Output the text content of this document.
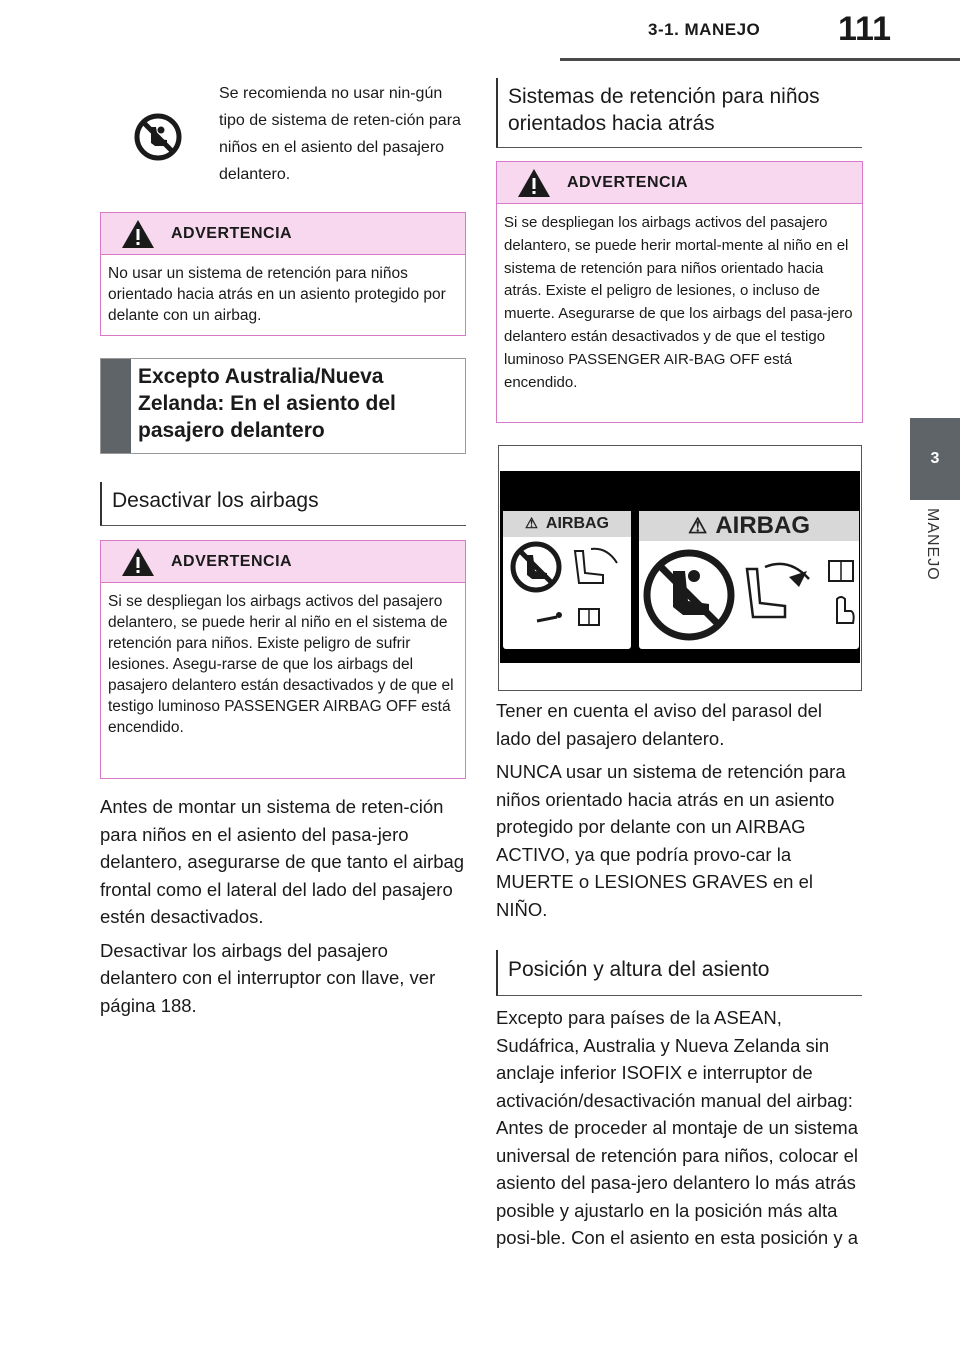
3-1. MANEJO 111
3
MANEJO
Se recomienda no usar nin-gún tipo de sistema de reten-ción para niños en el asiento del pasajero delantero.
ADVERTENCIA
No usar un sistema de retención para niños orientado hacia atrás en un asiento protegido por delante con un airbag.
Excepto Australia/Nueva Zelanda: En el asiento del pasajero delantero
Desactivar los airbags
ADVERTENCIA
Si se despliegan los airbags activos del pasajero delantero, se puede herir al niño en el sistema de retención para niños. Existe peligro de sufrir lesiones. Asegu-rarse de que los airbags del pasajero delantero están desactivados y de que el testigo luminoso PASSENGER AIRBAG OFF está encendido.

Antes de montar un sistema de reten-ción para niños en el asiento del pasa-jero delantero, asegurarse de que tanto el airbag frontal como el lateral del lado del pasajero estén desactivados.

Desactivar los airbags del pasajero delantero con el interruptor con llave, ver página 188.

Sistemas de retención para niños orientados hacia atrás
ADVERTENCIA
Si se despliegan los airbags activos del pasajero delantero, se puede herir mortal-mente al niño en el sistema de retención para niños orientado hacia atrás. Existe el peligro de lesiones, o incluso de muerte. Asegurarse de que los airbags del pasa-jero delantero están desactivados y de que el testigo luminoso PASSENGER AIR-BAG OFF está encendido.
⚠ AIRBAG	⚠ AIRBAG

Tener en cuenta el aviso del parasol del lado del pasajero delantero.

NUNCA usar un sistema de retención para niños orientado hacia atrás en un asiento protegido por delante con un AIRBAG ACTIVO, ya que podría provo-car la MUERTE o LESIONES GRAVES en el NIÑO.

Posición y altura del asiento

Excepto para países de la ASEAN, Sudáfrica, Australia y Nueva Zelanda sin anclaje inferior ISOFIX e interruptor de activación/desactivación manual del airbag: Antes de proceder al montaje de un sistema universal de retención para niños, colocar el asiento del pasa-jero delantero lo más atrás posible y ajustarlo en la posición más alta posi-ble. Con el asiento en esta posición y a
